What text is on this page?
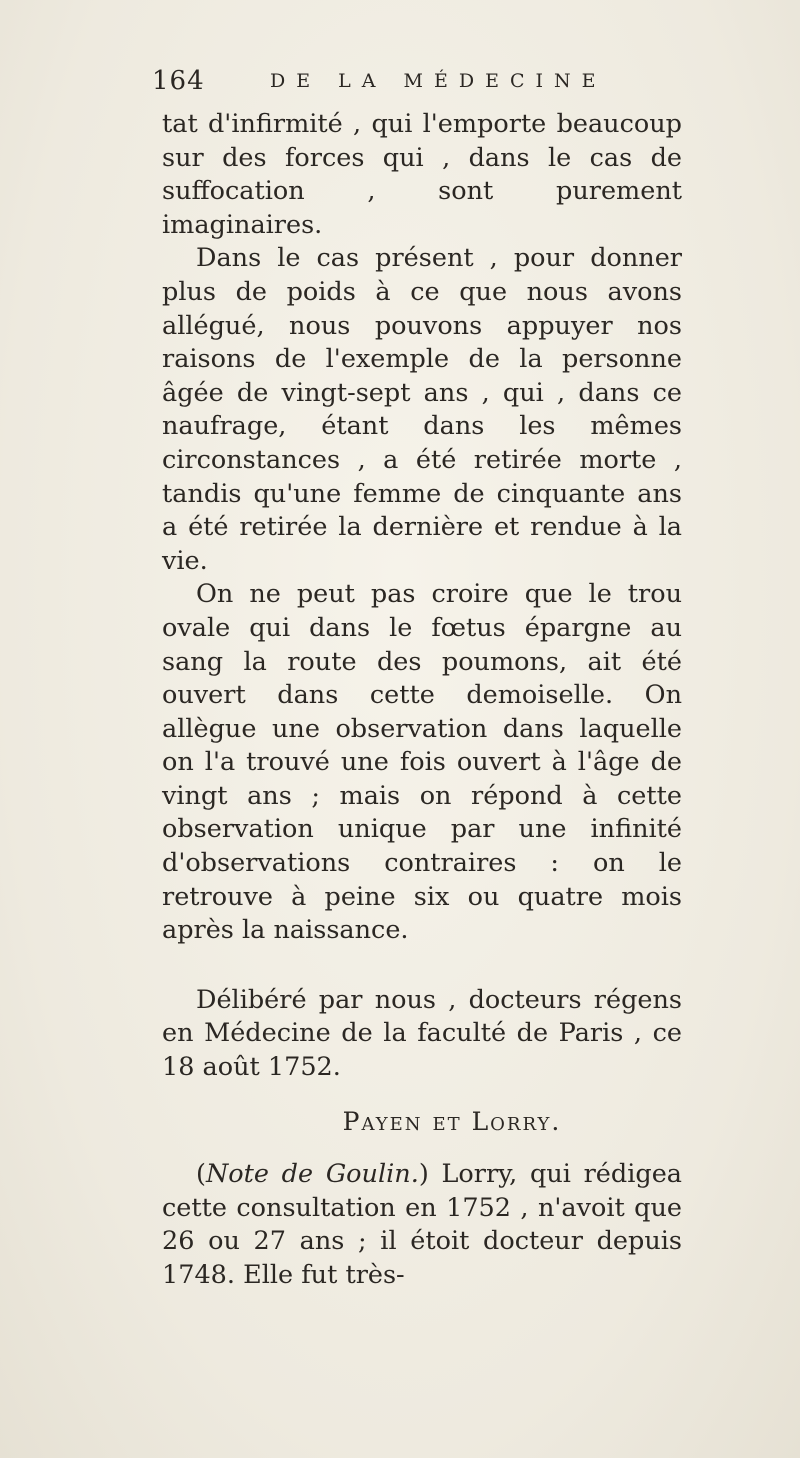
164	DE LA MÉDECINE

tat d'infirmité , qui l'emporte beaucoup sur des forces qui , dans le cas de suffocation , sont purement imaginaires.

Dans le cas présent , pour donner plus de poids à ce que nous avons allégué, nous pouvons appuyer nos raisons de l'exemple de la personne âgée de vingt-sept ans , qui , dans ce naufrage, étant dans les mêmes circonstances , a été retirée morte , tandis qu'une femme de cinquante ans a été retirée la dernière et rendue à la vie.

On ne peut pas croire que le trou ovale qui dans le fœtus épargne au sang la route des poumons, ait été ouvert dans cette demoiselle. On allègue une observation dans laquelle on l'a trouvé une fois ouvert à l'âge de vingt ans ; mais on répond à cette observation unique par une infinité d'observations contraires : on le retrouve à peine six ou quatre mois après la naissance.

Délibéré par nous , docteurs régens en Médecine de la faculté de Paris , ce 18 août 1752.

Payen et Lorry.

(Note de Goulin.) Lorry, qui rédigea cette consultation en 1752 , n'avoit que 26 ou 27 ans ; il étoit docteur depuis 1748. Elle fut très-
